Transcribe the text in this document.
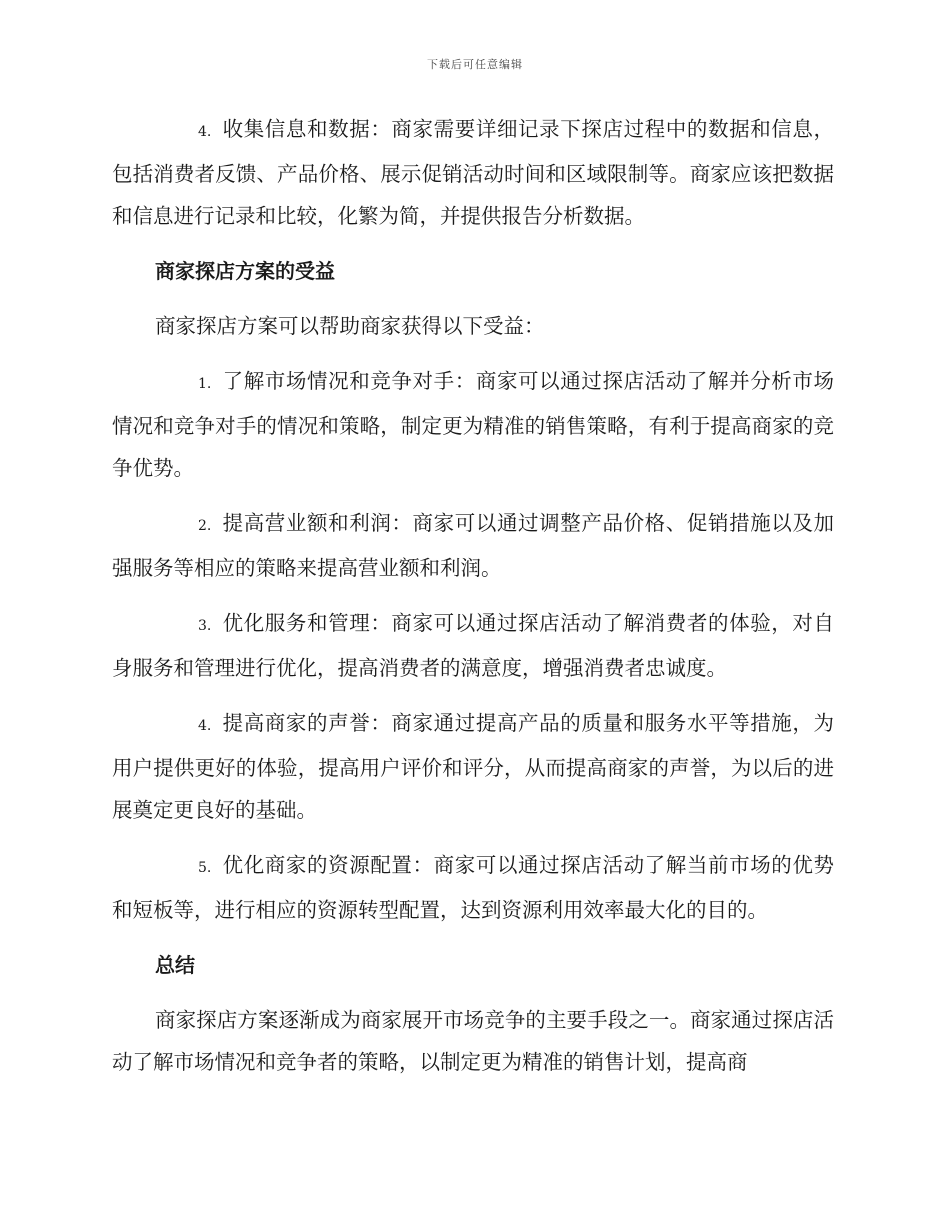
下载后可任意编辑

4. 收集信息和数据：商家需要详细记录下探店过程中的数据和信息，包括消费者反馈、产品价格、展示促销活动时间和区域限制等。商家应该把数据和信息进行记录和比较，化繁为简，并提供报告分析数据。

商家探店方案的受益

商家探店方案可以帮助商家获得以下受益：

1. 了解市场情况和竞争对手：商家可以通过探店活动了解并分析市场情况和竞争对手的情况和策略，制定更为精准的销售策略，有利于提高商家的竞争优势。

2. 提高营业额和利润：商家可以通过调整产品价格、促销措施以及加强服务等相应的策略来提高营业额和利润。

3. 优化服务和管理：商家可以通过探店活动了解消费者的体验，对自身服务和管理进行优化，提高消费者的满意度，增强消费者忠诚度。

4. 提高商家的声誉：商家通过提高产品的质量和服务水平等措施，为用户提供更好的体验，提高用户评价和评分，从而提高商家的声誉，为以后的进展奠定更良好的基础。

5. 优化商家的资源配置：商家可以通过探店活动了解当前市场的优势和短板等，进行相应的资源转型配置，达到资源利用效率最大化的目的。

总结

商家探店方案逐渐成为商家展开市场竞争的主要手段之一。商家通过探店活动了解市场情况和竞争者的策略，以制定更为精准的销售计划，提高商
